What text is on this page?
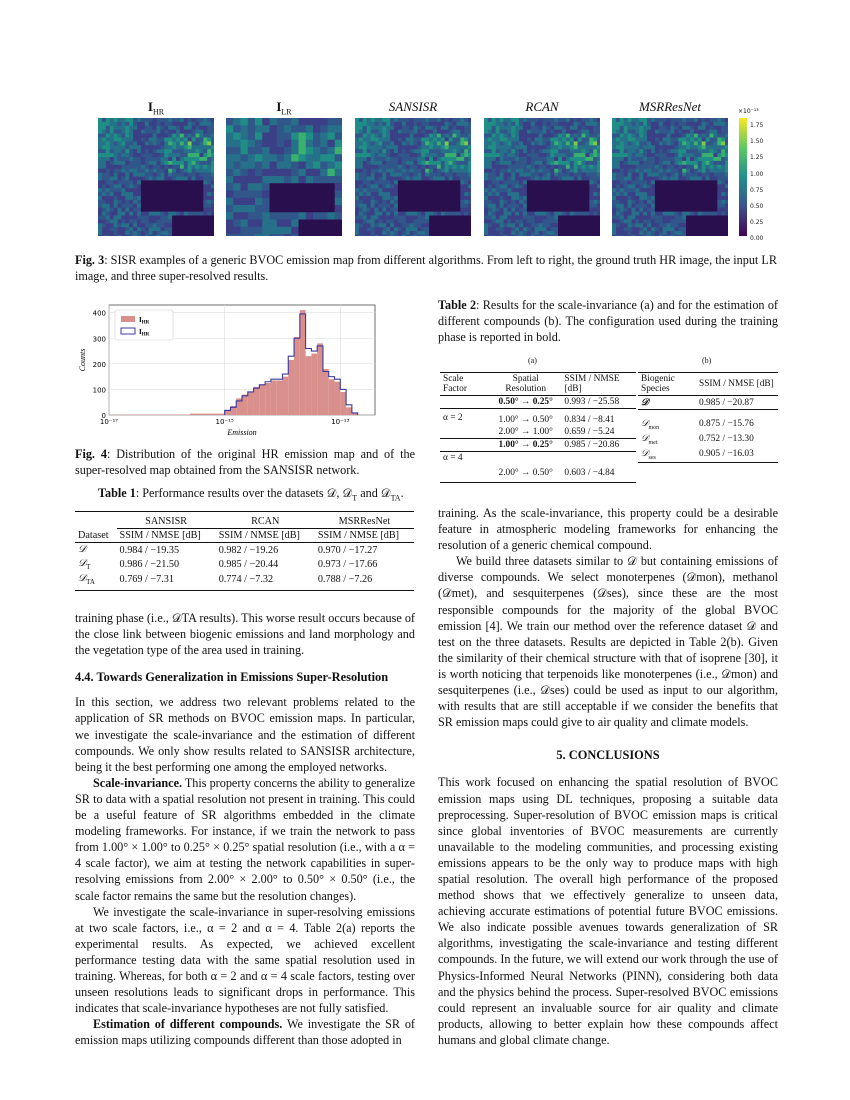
$I_{HR}$	$I_{LR}$	SANSISR	RCAN	MSRResNet	×10⁻¹³
1.75
1.50
1.25
1.00
0.75
0.50
0.25
0.00
Fig. 3: SISR examples of a generic BVOC emission map from different algorithms. From left to right, the ground truth HR image, the input LR image, and three super-resolved results.
0
100
200
300
400
10⁻¹⁷	10⁻¹⁵	10⁻¹³
$I_{HR}$
$I_{HR}$
Emission
Counts
Fig. 4: Distribution of the original HR emission map and of the super-resolved map obtained from the SANSISR network.
Table 1: Performance results over the datasets 𝒟, 𝒟$_T$ and 𝒟$_{TA}$.
	SANSISR	RCAN	MSRResNet
Dataset	SSIM / NMSE [dB]	SSIM / NMSE [dB]	SSIM / NMSE [dB]
𝒟	0.984 / −19.35	0.982 / −19.26	0.970 / −17.27
𝒟$_T$	0.986 / −21.50	0.985 / −20.44	0.973 / −17.66
𝒟$_{TA}$	0.769 / −7.31	0.774 / −7.32	0.788 / −7.26

training phase (i.e., 𝒟TA results). This worse result occurs because of the close link between biogenic emissions and land morphology and the vegetation type of the area used in training.

4.4. Towards Generalization in Emissions Super-Resolution

In this section, we address two relevant problems related to the application of SR methods on BVOC emission maps. In particular, we investigate the scale-invariance and the estimation of different compounds. We only show results related to SANSISR architecture, being it the best performing one among the employed networks.

Scale-invariance. This property concerns the ability to generalize SR to data with a spatial resolution not present in training. This could be a useful feature of SR algorithms embedded in the climate modeling frameworks. For instance, if we train the network to pass from 1.00° × 1.00° to 0.25° × 0.25° spatial resolution (i.e., with a α = 4 scale factor), we aim at testing the network capabilities in super-resolving emissions from 2.00° × 2.00° to 0.50° × 0.50° (i.e., the scale factor remains the same but the resolution changes).

We investigate the scale-invariance in super-resolving emissions at two scale factors, i.e., α = 2 and α = 4. Table 2(a) reports the experimental results. As expected, we achieved excellent performance testing data with the same spatial resolution used in training. Whereas, for both α = 2 and α = 4 scale factors, testing over unseen resolutions leads to significant drops in performance. This indicates that scale-invariance hypotheses are not fully satisfied.

Estimation of different compounds. We investigate the SR of emission maps utilizing compounds different than those adopted in

Table 2: Results for the scale-invariance (a) and for the estimation of different compounds (b). The configuration used during the training phase is reported in bold.
(a)
Scale Factor	Spatial Resolution	SSIM / NMSE [dB]
	0.50° → 0.25°	0.993 / −25.58
α = 2	1.00° → 0.50°	0.834 / −8.41
	2.00° → 1.00°	0.659 / −5.24
	1.00° → 0.25°	0.985 / −20.86
α = 4		
	2.00° → 0.50°	0.603 / −4.84
(b)
Biogenic Species	SSIM / NMSE [dB]
𝒟	0.985 / −20.87
𝒟$_{mon}$	0.875 / −15.76
𝒟$_{met}$	0.752 / −13.30
𝒟$_{ses}$	0.905 / −16.03

training. As the scale-invariance, this property could be a desirable feature in atmospheric modeling frameworks for enhancing the resolution of a generic chemical compound.

We build three datasets similar to 𝒟 but containing emissions of diverse compounds. We select monoterpenes (𝒟mon), methanol (𝒟met), and sesquiterpenes (𝒟ses), since these are the most responsible compounds for the majority of the global BVOC emission [4]. We train our method over the reference dataset 𝒟 and test on the three datasets. Results are depicted in Table 2(b). Given the similarity of their chemical structure with that of isoprene [30], it is worth noticing that terpenoids like monoterpenes (i.e., 𝒟mon) and sesquiterpenes (i.e., 𝒟ses) could be used as input to our algorithm, with results that are still acceptable if we consider the benefits that SR emission maps could give to air quality and climate models.

5. CONCLUSIONS

This work focused on enhancing the spatial resolution of BVOC emission maps using DL techniques, proposing a suitable data preprocessing. Super-resolution of BVOC emission maps is critical since global inventories of BVOC measurements are currently unavailable to the modeling communities, and processing existing emissions appears to be the only way to produce maps with high spatial resolution. The overall high performance of the proposed method shows that we effectively generalize to unseen data, achieving accurate estimations of potential future BVOC emissions. We also indicate possible avenues towards generalization of SR algorithms, investigating the scale-invariance and testing different compounds. In the future, we will extend our work through the use of Physics-Informed Neural Networks (PINN), considering both data and the physics behind the process. Super-resolved BVOC emissions could represent an invaluable source for air quality and climate products, allowing to better explain how these compounds affect humans and global climate change.
